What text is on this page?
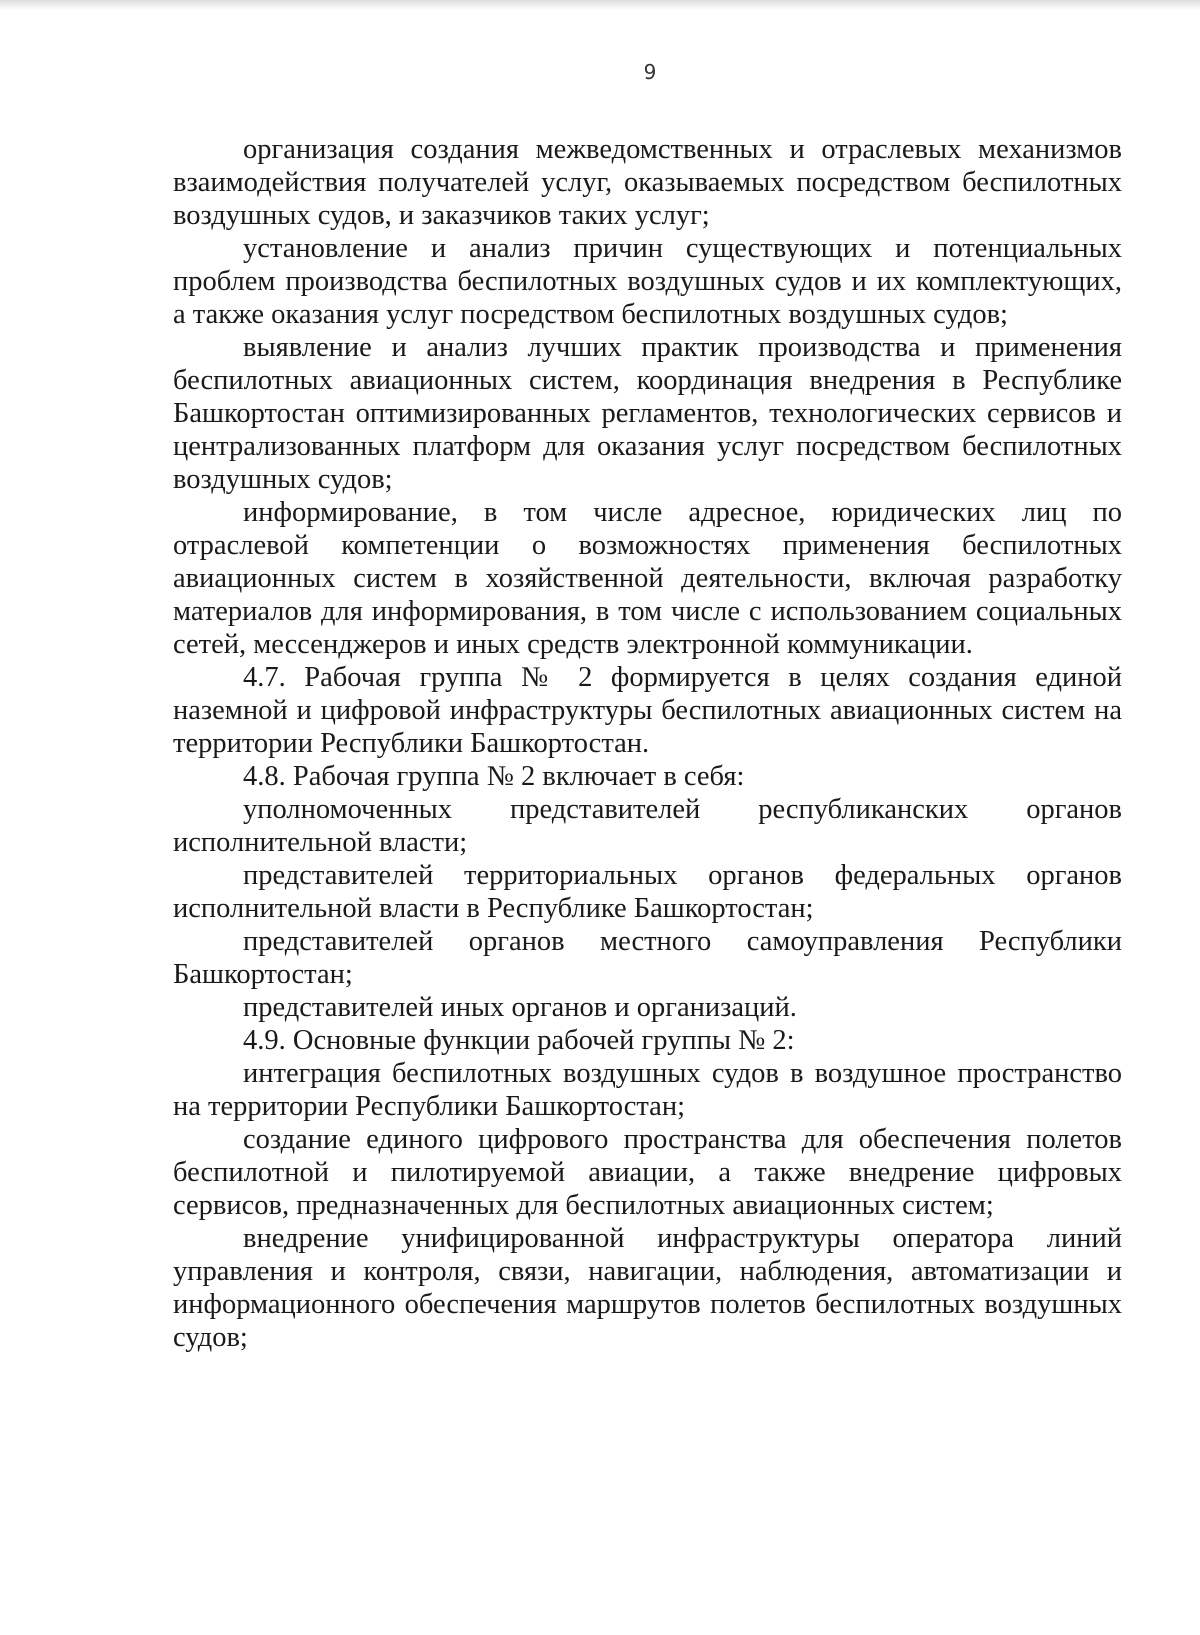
9

организация создания межведомственных и отраслевых механизмов взаимодействия получателей услуг, оказываемых посредством беспилотных воздушных судов, и заказчиков таких услуг;

установление и анализ причин существующих и потенциальных проблем производства беспилотных воздушных судов и их комплектующих, а также оказания услуг посредством беспилотных воздушных судов;

выявление и анализ лучших практик производства и применения беспилотных авиационных систем, координация внедрения в Республике Башкортостан оптимизированных регламентов, технологических сервисов и централизованных платформ для оказания услуг посредством беспилотных воздушных судов;

информирование, в том числе адресное, юридических лиц по отраслевой компетенции о возможностях применения беспилотных авиационных систем в хозяйственной деятельности, включая разработку материалов для информирования, в том числе с использованием социальных сетей, мессенджеров и иных средств электронной коммуникации.

4.7. Рабочая группа № 2 формируется в целях создания единой наземной и цифровой инфраструктуры беспилотных авиационных систем на территории Республики Башкортостан.

4.8. Рабочая группа № 2 включает в себя:

уполномоченных представителей республиканских органов исполнительной власти;

представителей территориальных органов федеральных органов исполнительной власти в Республике Башкортостан;

представителей органов местного самоуправления Республики Башкортостан;

представителей иных органов и организаций.

4.9. Основные функции рабочей группы № 2:

интеграция беспилотных воздушных судов в воздушное пространство на территории Республики Башкортостан;

создание единого цифрового пространства для обеспечения полетов беспилотной и пилотируемой авиации, а также внедрение цифровых сервисов, предназначенных для беспилотных авиационных систем;

внедрение унифицированной инфраструктуры оператора линий управления и контроля, связи, навигации, наблюдения, автоматизации и информационного обеспечения маршрутов полетов беспилотных воздушных судов;
